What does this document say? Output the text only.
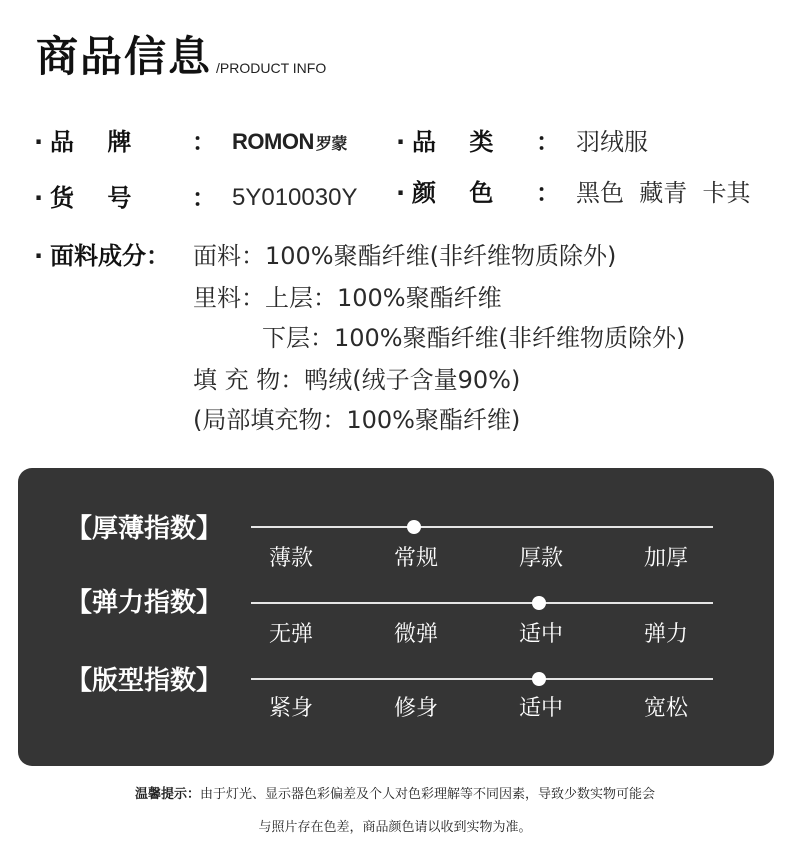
商品信息 /PRODUCT INFO
· 品    牌	： ROMON 罗蒙 · 品    类	： 羽绒服
· 货    号	： 5Y010030Y · 颜    色	： 黑色  藏青  卡其
· 面料成分 ： 面料：100%聚酯纤维(非纤维物质除外)
里料：上层：100%聚酯纤维
下层：100%聚酯纤维(非纤维物质除外)
填 充 物：鸭绒(绒子含量90%)
(局部填充物：100%聚酯纤维)
【厚薄指数】
薄款	常规	厚款	加厚
【弹力指数】
无弹	微弹	适中	弹力
【版型指数】
紧身	修身	适中	宽松
温馨提示：由于灯光、显示器色彩偏差及个人对色彩理解等不同因素，导致少数实物可能会
与照片存在色差，商品颜色请以收到实物为准。
